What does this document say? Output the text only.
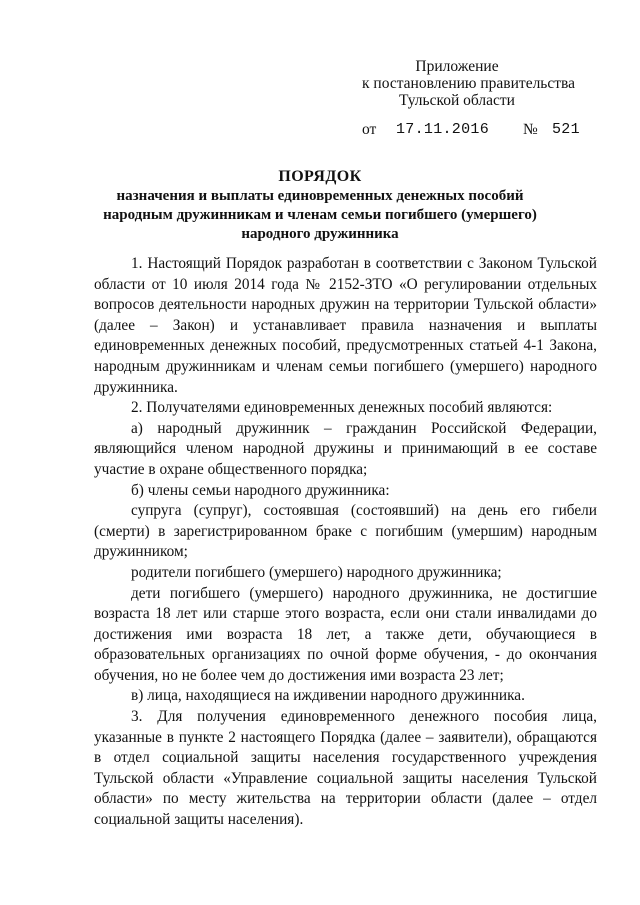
Приложение
к постановлению правительства
Тульской области
от 17.11.2016 № 521
ПОРЯДОК
назначения и выплаты единовременных денежных пособий
народным дружинникам и членам семьи погибшего (умершего)
народного дружинника

1. Настоящий Порядок разработан в соответствии с Законом Тульской области от 10 июля 2014 года № 2152-ЗТО «О регулировании отдельных вопросов деятельности народных дружин на территории Тульской области» (далее – Закон) и устанавливает правила назначения и выплаты единовременных денежных пособий, предусмотренных статьей 4-1 Закона, народным дружинникам и членам семьи погибшего (умершего) народного дружинника.

2. Получателями единовременных денежных пособий являются:

а) народный дружинник – гражданин Российской Федерации, являющийся членом народной дружины и принимающий в ее составе участие в охране общественного порядка;

б) члены семьи народного дружинника:

супруга (супруг), состоявшая (состоявший) на день его гибели (смерти) в зарегистрированном браке с погибшим (умершим) народным дружинником;

родители погибшего (умершего) народного дружинника;

дети погибшего (умершего) народного дружинника, не достигшие возраста 18 лет или старше этого возраста, если они стали инвалидами до достижения ими возраста 18 лет, а также дети, обучающиеся в образовательных организациях по очной форме обучения, - до окончания обучения, но не более чем до достижения ими возраста 23 лет;

в) лица, находящиеся на иждивении народного дружинника.

3. Для получения единовременного денежного пособия лица, указанные в пункте 2 настоящего Порядка (далее – заявители), обращаются в отдел социальной защиты населения государственного учреждения Тульской области «Управление социальной защиты населения Тульской области» по месту жительства на территории области (далее – отдел социальной защиты населения).
